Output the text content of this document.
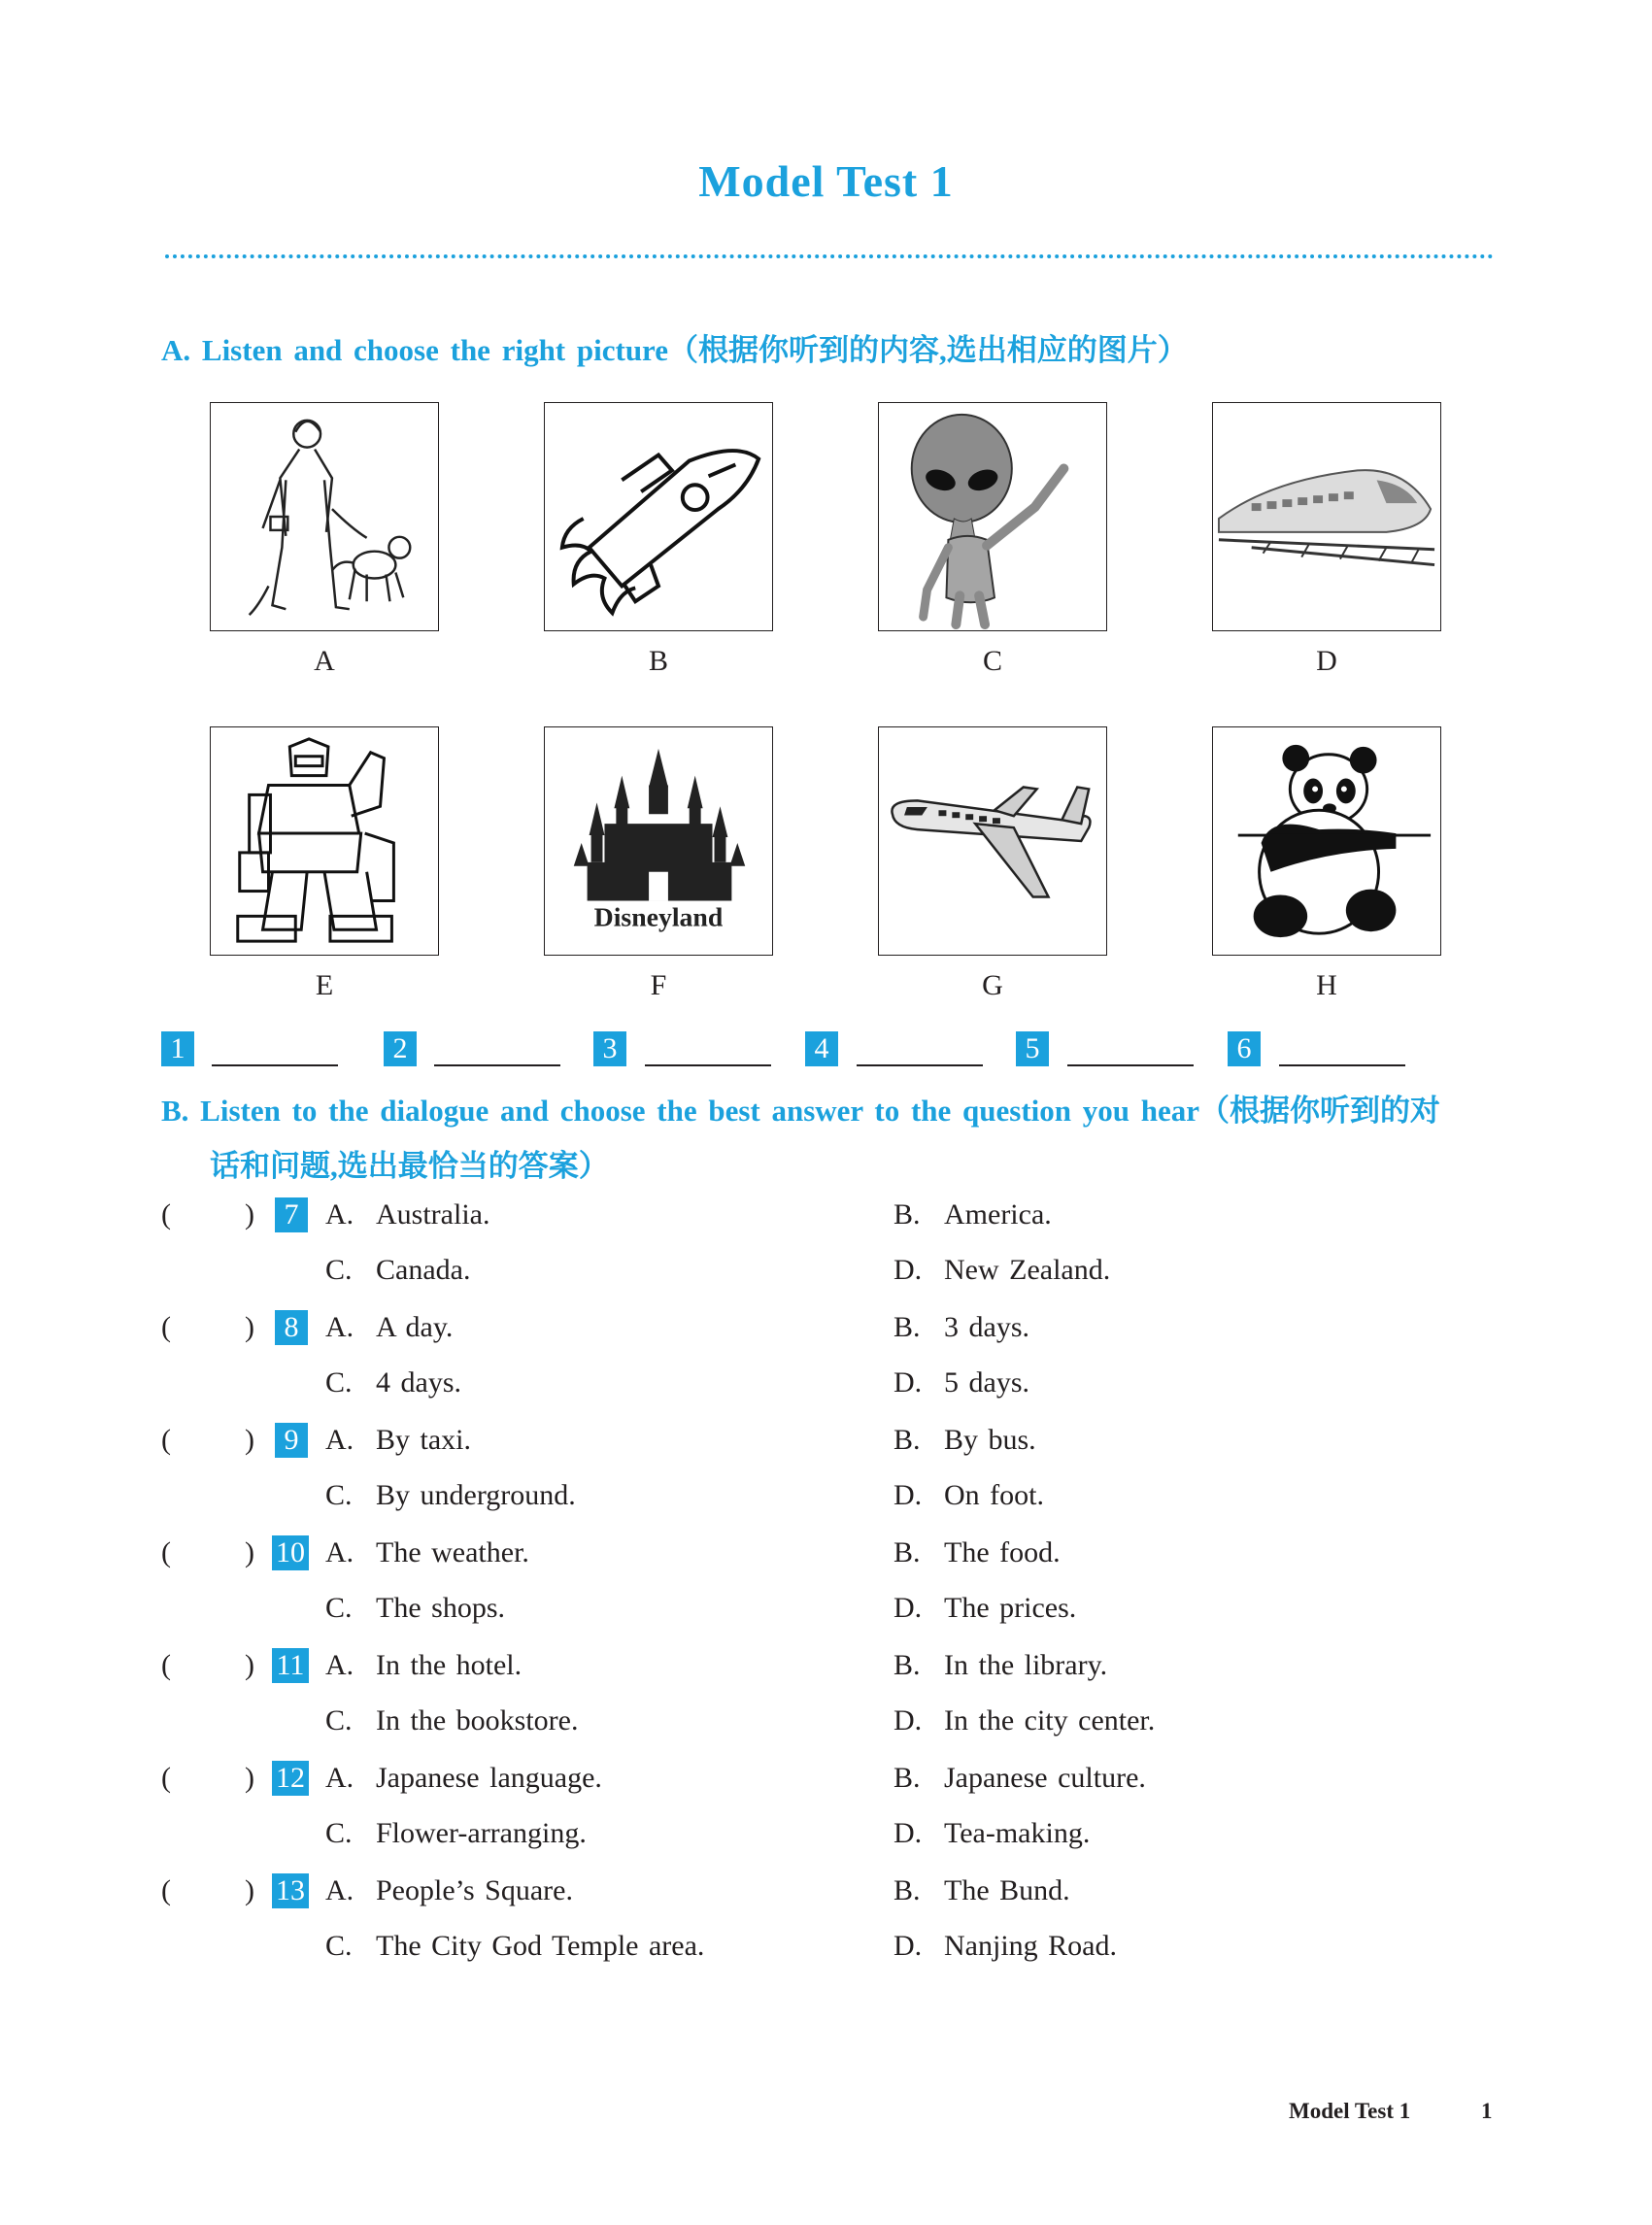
Model Test 1
A. Listen and choose the right picture（根据你听到的内容,选出相应的图片）
A	B	C	D
Disneyland
E	F	G	H
1	2	3	4	5	6
B. Listen to the dialogue and choose the best answer to the question you hear（根据你听到的对
话和问题,选出最恰当的答案）
(	)	7 A. Australia.	B. America.
C. Canada.	D. New Zealand.
(	)	8 A. A day.	B. 3 days.
C. 4 days.	D. 5 days.
(	)	9 A. By taxi.	B. By bus.
C. By underground.	D. On foot.
(	) 10 A. The weather.	B. The food.
C. The shops.	D. The prices.
(	) 11 A. In the hotel.	B. In the library.
C. In the bookstore.	D. In the city center.
(	) 12 A. Japanese language.	B. Japanese culture.
C. Flower-arranging.	D. Tea-making.
(	) 13 A. People’s Square.	B. The Bund.
C. The City God Temple area.	D. Nanjing Road.
Model Test 1	1
